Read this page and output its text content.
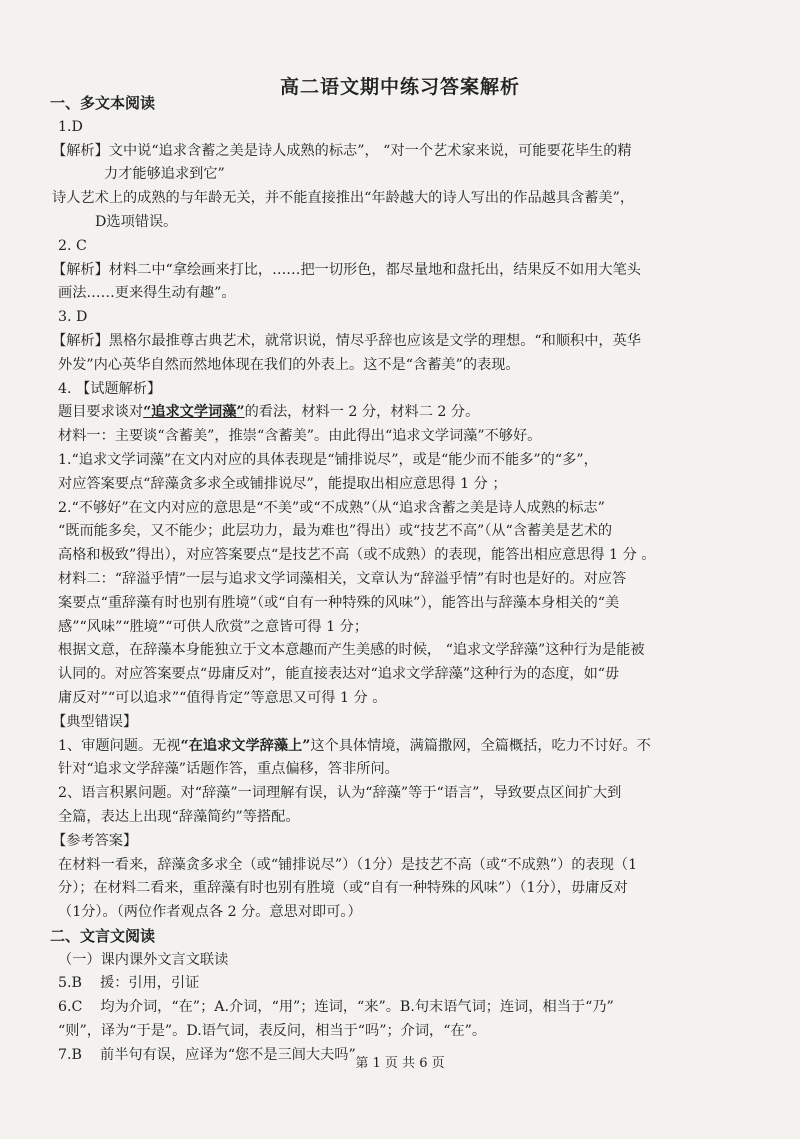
高二语文期中练习答案解析

一、多文本阅读

1.D

【解析】文中说“追求含蓄之美是诗人成熟的标志”， “对一个艺术家来说，可能要花毕生的精

力才能够追求到它”

诗人艺术上的成熟的与年龄无关，并不能直接推出“年龄越大的诗人写出的作品越具含蓄美”，

D选项错误。

2. C

【解析】材料二中“拿绘画来打比，……把一切形色，都尽量地和盘托出，结果反不如用大笔头

画法……更来得生动有趣”。

3. D

【解析】黑格尔最推尊古典艺术，就常识说，情尽乎辞也应该是文学的理想。“和顺积中，英华

外发”内心英华自然而然地体现在我们的外表上。这不是“含蓄美”的表现。

4. 【试题解析】

题目要求谈对“追求文学词藻”的看法，材料一 2 分，材料二 2 分。

材料一：主要谈“含蓄美”，推崇“含蓄美”。由此得出“追求文学词藻”不够好。

1.“追求文学词藻”在文内对应的具体表现是“铺排说尽”，或是“能少而不能多”的“多”，

对应答案要点“辞藻贪多求全或铺排说尽”，能提取出相应意思得 1 分 ；

2.“不够好”在文内对应的意思是“不美”或“不成熟”（从“追求含蓄之美是诗人成熟的标志”

“既而能多矣，又不能少；此层功力，最为难也”得出）或“技艺不高”（从“含蓄美是艺术的

高格和极致”得出），对应答案要点“是技艺不高（或不成熟）的表现，能答出相应意思得 1 分 。

材料二：“辞溢乎情”一层与追求文学词藻相关，文章认为“辞溢乎情”有时也是好的。对应答

案要点“重辞藻有时也别有胜境”（或“自有一种特殊的风味”），能答出与辞藻本身相关的“美

感”“风味”“胜境”“可供人欣赏”之意皆可得 1 分；

根据文意，在辞藻本身能独立于文本意趣而产生美感的时候， “追求文学辞藻”这种行为是能被

认同的。对应答案要点“毋庸反对”，能直接表达对“追求文学辞藻”这种行为的态度，如“毋

庸反对”“可以追求”“值得肯定”等意思又可得 1 分 。

【典型错误】

1、审题问题。无视“在追求文学辞藻上”这个具体情境，满篇撒网，全篇概括，吃力不讨好。不

针对“追求文学辞藻”话题作答，重点偏移，答非所问。

2、语言积累问题。对“辞藻”一词理解有误，认为“辞藻”等于“语言”，导致要点区间扩大到

全篇，表达上出现“辞藻简约”等搭配。

【参考答案】

在材料一看来，辞藻贪多求全（或“铺排说尽”）（1分）是技艺不高（或“不成熟”）的表现（1

分）；在材料二看来，重辞藻有时也别有胜境（或“自有一种特殊的风味”）（1分），毋庸反对

（1分）。（两位作者观点各 2 分。意思对即可。）

二、文言文阅读

（一）课内课外文言文联读

5.B    援：引用，引证

6.C    均为介词，“在”；A.介词，“用”；连词，“来”。B.句末语气词；连词，相当于“乃”

“则”，译为“于是”。D.语气词，表反问，相当于“吗”；介词，“在”。

7.B    前半句有误，应译为“您不是三闾大夫吗”

第 1 页 共 6 页
